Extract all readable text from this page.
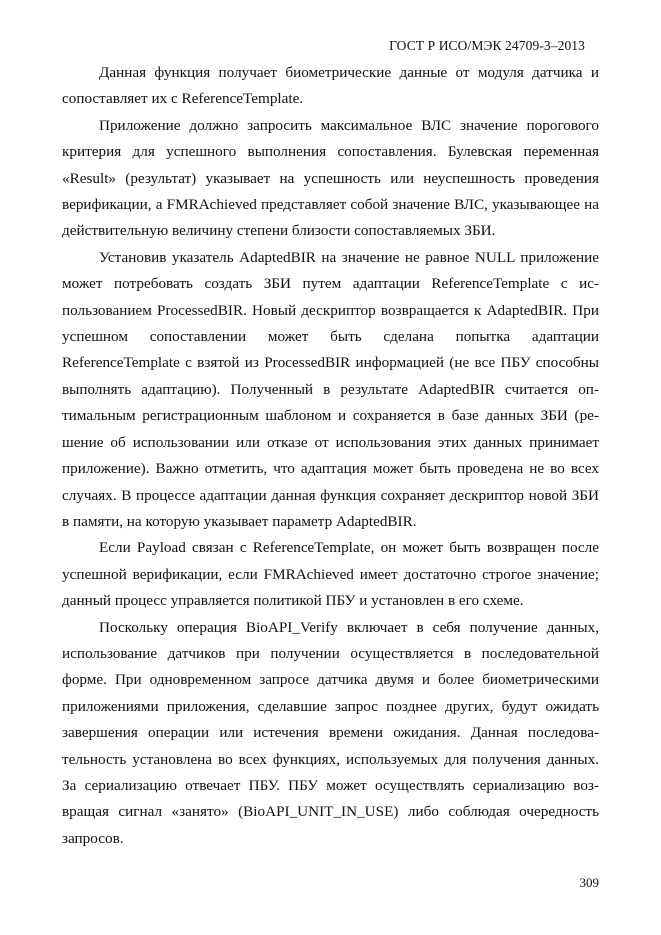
ГОСТ Р ИСО/МЭК 24709-3–2013

Данная функция получает биометрические данные от модуля датчика и сопоставляет их с ReferenceTemplate.

Приложение должно запросить максимальное ВЛС значение порогового критерия для успешного выполнения сопоставления. Булевская переменная «Result» (результат) указывает на успешность или неуспешность проведения верификации, а FMRAchieved представляет собой значение ВЛС, указывающее на действительную величину степени близости сопоставляемых ЗБИ.

Установив указатель AdaptedBIR на значение не равное NULL приложение может потребовать создать ЗБИ путем адаптации ReferenceTemplate с использованием ProcessedBIR. Новый дескриптор возвращается к AdaptedBIR. При успешном сопоставлении может быть сделана попытка адаптации ReferenceTemplate с взятой из ProcessedBIR информацией (не все ПБУ способны выполнять адаптацию). Полученный в результате AdaptedBIR считается оптимальным регистрационным шаблоном и сохраняется в базе данных ЗБИ (решение об использовании или отказе от использования этих данных принимает приложение). Важно отметить, что адаптация может быть проведена не во всех случаях. В процессе адаптации данная функция сохраняет дескриптор новой ЗБИ в памяти, на которую указывает параметр AdaptedBIR.

Если Payload связан с ReferenceTemplate, он может быть возвращен после успешной верификации, если FMRAchieved имеет достаточно строгое значение; данный процесс управляется политикой ПБУ и установлен в его схеме.

Поскольку операция BioAPI_Verify включает в себя получение данных, использование датчиков при получении осуществляется в последовательной форме. При одновременном запросе датчика двумя и более биометрическими приложениями приложения, сделавшие запрос позднее других, будут ожидать завершения операции или истечения времени ожидания. Данная последовательность установлена во всех функциях, используемых для получения данных. За сериализацию отвечает ПБУ. ПБУ может осуществлять сериализацию возвращая сигнал «занято» (BioAPI_UNIT_IN_USE) либо соблюдая очередность запросов.

309
